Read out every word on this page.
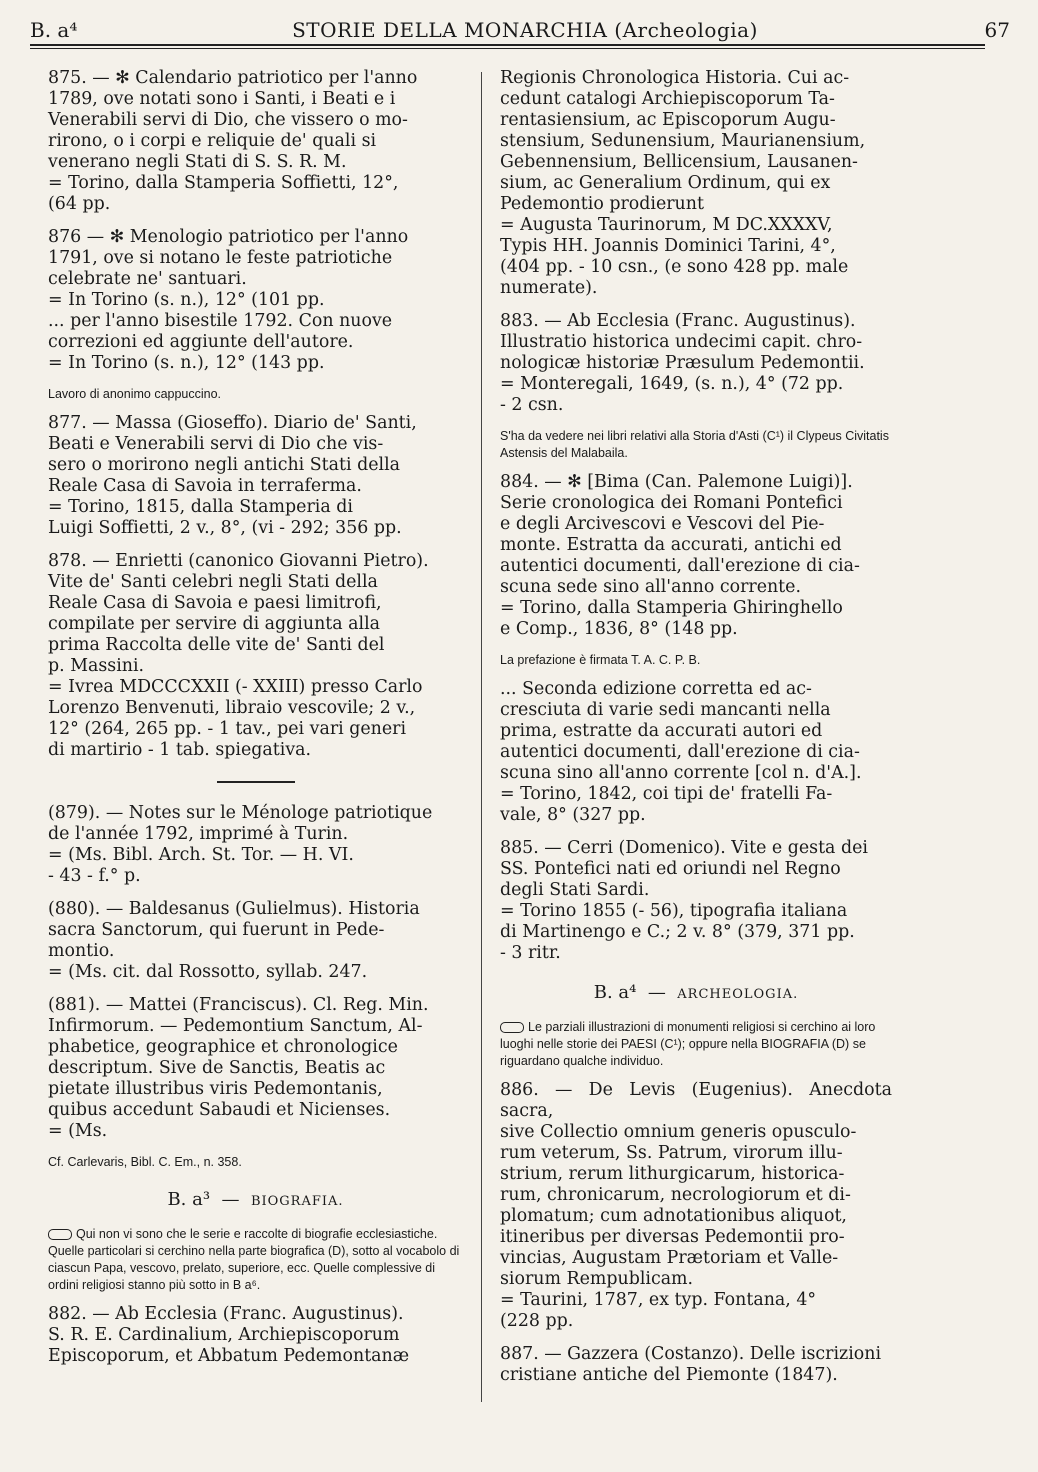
B. a⁴	STORIE DELLA MONARCHIA (Archeologia)	67

875. — ✻ Calendario patriotico per l'anno

1789, ove notati sono i Santi, i Beati e i

Venerabili servi di Dio, che vissero o mo-

rirono, o i corpi e reliquie de' quali si

venerano negli Stati di S. S. R. M.

= Torino, dalla Stamperia Soffietti, 12°,

(64 pp.

876 — ✻ Menologio patriotico per l'anno

1791, ove si notano le feste patriotiche

celebrate ne' santuari.

= In Torino (s. n.), 12° (101 pp.

... per l'anno bisestile 1792. Con nuove

correzioni ed aggiunte dell'autore.

= In Torino (s. n.), 12° (143 pp.

Lavoro di anonimo cappuccino.

877. — Massa (Gioseffo). Diario de' Santi,

Beati e Venerabili servi di Dio che vis-

sero o morirono negli antichi Stati della

Reale Casa di Savoia in terraferma.

= Torino, 1815, dalla Stamperia di

Luigi Soffietti, 2 v., 8°, (vi - 292; 356 pp.

878. — Enrietti (canonico Giovanni Pietro).

Vite de' Santi celebri negli Stati della

Reale Casa di Savoia e paesi limitrofi,

compilate per servire di aggiunta alla

prima Raccolta delle vite de' Santi del

p. Massini.

= Ivrea MDCCCXXII (- XXIII) presso Carlo

Lorenzo Benvenuti, libraio vescovile; 2 v.,

12° (264, 265 pp. - 1 tav., pei vari generi

di martirio - 1 tab. spiegativa.

(879). — Notes sur le Ménologe patriotique

de l'année 1792, imprimé à Turin.

= (Ms. Bibl. Arch. St. Tor. — H. VI.

- 43 - f.° p.

(880). — Baldesanus (Gulielmus). Historia

sacra Sanctorum, qui fuerunt in Pede-

montio.

= (Ms. cit. dal Rossotto, syllab. 247.

(881). — Mattei (Franciscus). Cl. Reg. Min.

Infirmorum. — Pedemontium Sanctum, Al-

phabetice, geographice et chronologice

descriptum. Sive de Sanctis, Beatis ac

pietate illustribus viris Pedemontanis,

quibus accedunt Sabaudi et Nicienses.

= (Ms.

Cf. Carlevaris, Bibl. C. Em., n. 358.

B. a³  —  BIOGRAFIA.

Qui non vi sono che le serie e raccolte di biografie ecclesiastiche. Quelle particolari si cerchino nella parte biografica (D), sotto al vocabolo di ciascun Papa, vescovo, prelato, superiore, ecc. Quelle complessive di ordini religiosi stanno più sotto in B a⁶.

882. — Ab Ecclesia (Franc. Augustinus).

S. R. E. Cardinalium, Archiepiscoporum

Episcoporum, et Abbatum Pedemontanæ

Regionis Chronologica Historia. Cui ac-

cedunt catalogi Archiepiscoporum Ta-

rentasiensium, ac Episcoporum Augu-

stensium, Sedunensium, Maurianensium,

Gebennensium, Bellicensium, Lausanen-

sium, ac Generalium Ordinum, qui ex

Pedemontio prodierunt

= Augusta Taurinorum, M DC.XXXXV,

Typis HH. Joannis Dominici Tarini, 4°,

(404 pp. - 10 csn., (e sono 428 pp. male

numerate).

883. — Ab Ecclesia (Franc. Augustinus).

Illustratio historica undecimi capit. chro-

nologicæ historiæ Præsulum Pedemontii.

= Monteregali, 1649, (s. n.), 4° (72 pp.

- 2 csn.

S'ha da vedere nei libri relativi alla Storia d'Asti (C¹) il Clypeus Civitatis Astensis del Malabaila.

884. — ✻ [Bima (Can. Palemone Luigi)].

Serie cronologica dei Romani Pontefici

e degli Arcivescovi e Vescovi del Pie-

monte. Estratta da accurati, antichi ed

autentici documenti, dall'erezione di cia-

scuna sede sino all'anno corrente.

= Torino, dalla Stamperia Ghiringhello

e Comp., 1836, 8° (148 pp.

La prefazione è firmata T. A. C. P. B.

... Seconda edizione corretta ed ac-

cresciuta di varie sedi mancanti nella

prima, estratte da accurati autori ed

autentici documenti, dall'erezione di cia-

scuna sino all'anno corrente [col n. d'A.].

= Torino, 1842, coi tipi de' fratelli Fa-

vale, 8° (327 pp.

885. — Cerri (Domenico). Vite e gesta dei

SS. Pontefici nati ed oriundi nel Regno

degli Stati Sardi.

= Torino 1855 (- 56), tipografia italiana

di Martinengo e C.; 2 v. 8° (379, 371 pp.

- 3 ritr.

B. a⁴  —  ARCHEOLOGIA.

Le parziali illustrazioni di monumenti religiosi si cerchino ai loro luoghi nelle storie dei PAESI (C¹); oppure nella BIOGRAFIA (D) se riguardano qualche individuo.

886. — De Levis (Eugenius). Anecdota sacra,

sive Collectio omnium generis opusculo-

rum veterum, Ss. Patrum, virorum illu-

strium, rerum lithurgicarum, historica-

rum, chronicarum, necrologiorum et di-

plomatum; cum adnotationibus aliquot,

itineribus per diversas Pedemontii pro-

vincias, Augustam Prætoriam et Valle-

siorum Rempublicam.

= Taurini, 1787, ex typ. Fontana, 4°

(228 pp.

887. — Gazzera (Costanzo). Delle iscrizioni

cristiane antiche del Piemonte (1847).
